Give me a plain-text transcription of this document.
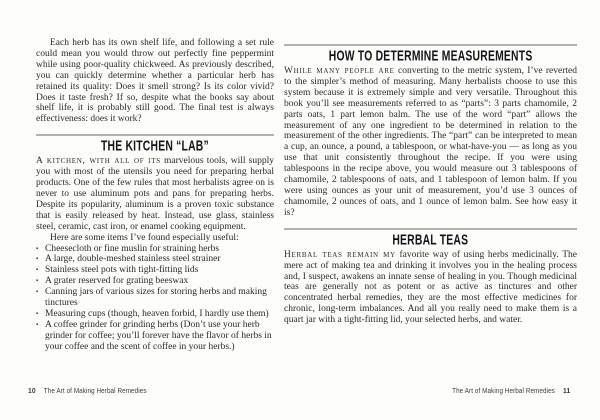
Each herb has its own shelf life, and following a set rule could mean you would throw out perfectly fine peppermint while using poor-quality chickweed. As previously described, you can quickly determine whether a particular herb has retained its quality: Does it smell strong? Is its color vivid? Does it taste fresh? If so, despite what the books say about shelf life, it is probably still good. The final test is always effectiveness: does it work?

THE KITCHEN “LAB”

A kitchen, with all of its marvelous tools, will supply you with most of the utensils you need for preparing herbal products. One of the few rules that most herbalists agree on is never to use aluminum pots and pans for preparing herbs. Despite its popularity, aluminum is a proven toxic substance that is easily released by heat. Instead, use glass, stainless steel, ceramic, cast iron, or enamel cooking equipment.

Here are some items I’ve found especially useful:

▪ Cheesecloth or fine muslin for straining herbs
▪ A large, double-meshed stainless steel strainer
▪ Stainless steel pots with tight-fitting lids
▪ A grater reserved for grating beeswax
▪ Canning jars of various sizes for storing herbs and making tinctures
▪ Measuring cups (though, heaven forbid, I hardly use them)
▪ A coffee grinder for grinding herbs (Don’t use your herb grinder for coffee; you’ll forever have the flavor of herbs in your coffee and the scent of coffee in your herbs.)
HOW TO DETERMINE MEASUREMENTS

While many people are converting to the metric system, I’ve reverted to the simpler’s method of measuring. Many herbalists choose to use this system because it is extremely simple and very versatile. Throughout this book you’ll see measurements referred to as “parts”: 3 parts chamomile, 2 parts oats, 1 part lemon balm. The use of the word “part” allows the measurement of any one ingredient to be determined in relation to the measurement of the other ingredients. The “part” can be interpreted to mean a cup, an ounce, a pound, a tablespoon, or what-have-you — as long as you use that unit consistently throughout the recipe. If you were using tablespoons in the recipe above, you would measure out 3 tablespoons of chamomile, 2 tablespoons of oats, and 1 tablespoon of lemon balm. If you were using ounces as your unit of measurement, you’d use 3 ounces of chamomile, 2 ounces of oats, and 1 ounce of lemon balm. See how easy it is?

HERBAL TEAS

Herbal teas remain my favorite way of using herbs medicinally. The mere act of making tea and drinking it involves you in the healing process and, I suspect, awakens an innate sense of healing in you. Though medicinal teas are generally not as potent or as active as tinctures and other concentrated herbal remedies, they are the most effective medicines for chronic, long-term imbalances. And all you really need to make them is a quart jar with a tight-fitting lid, your selected herbs, and water.

10 The Art of Making Herbal Remedies	The Art of Making Herbal Remedies 11
